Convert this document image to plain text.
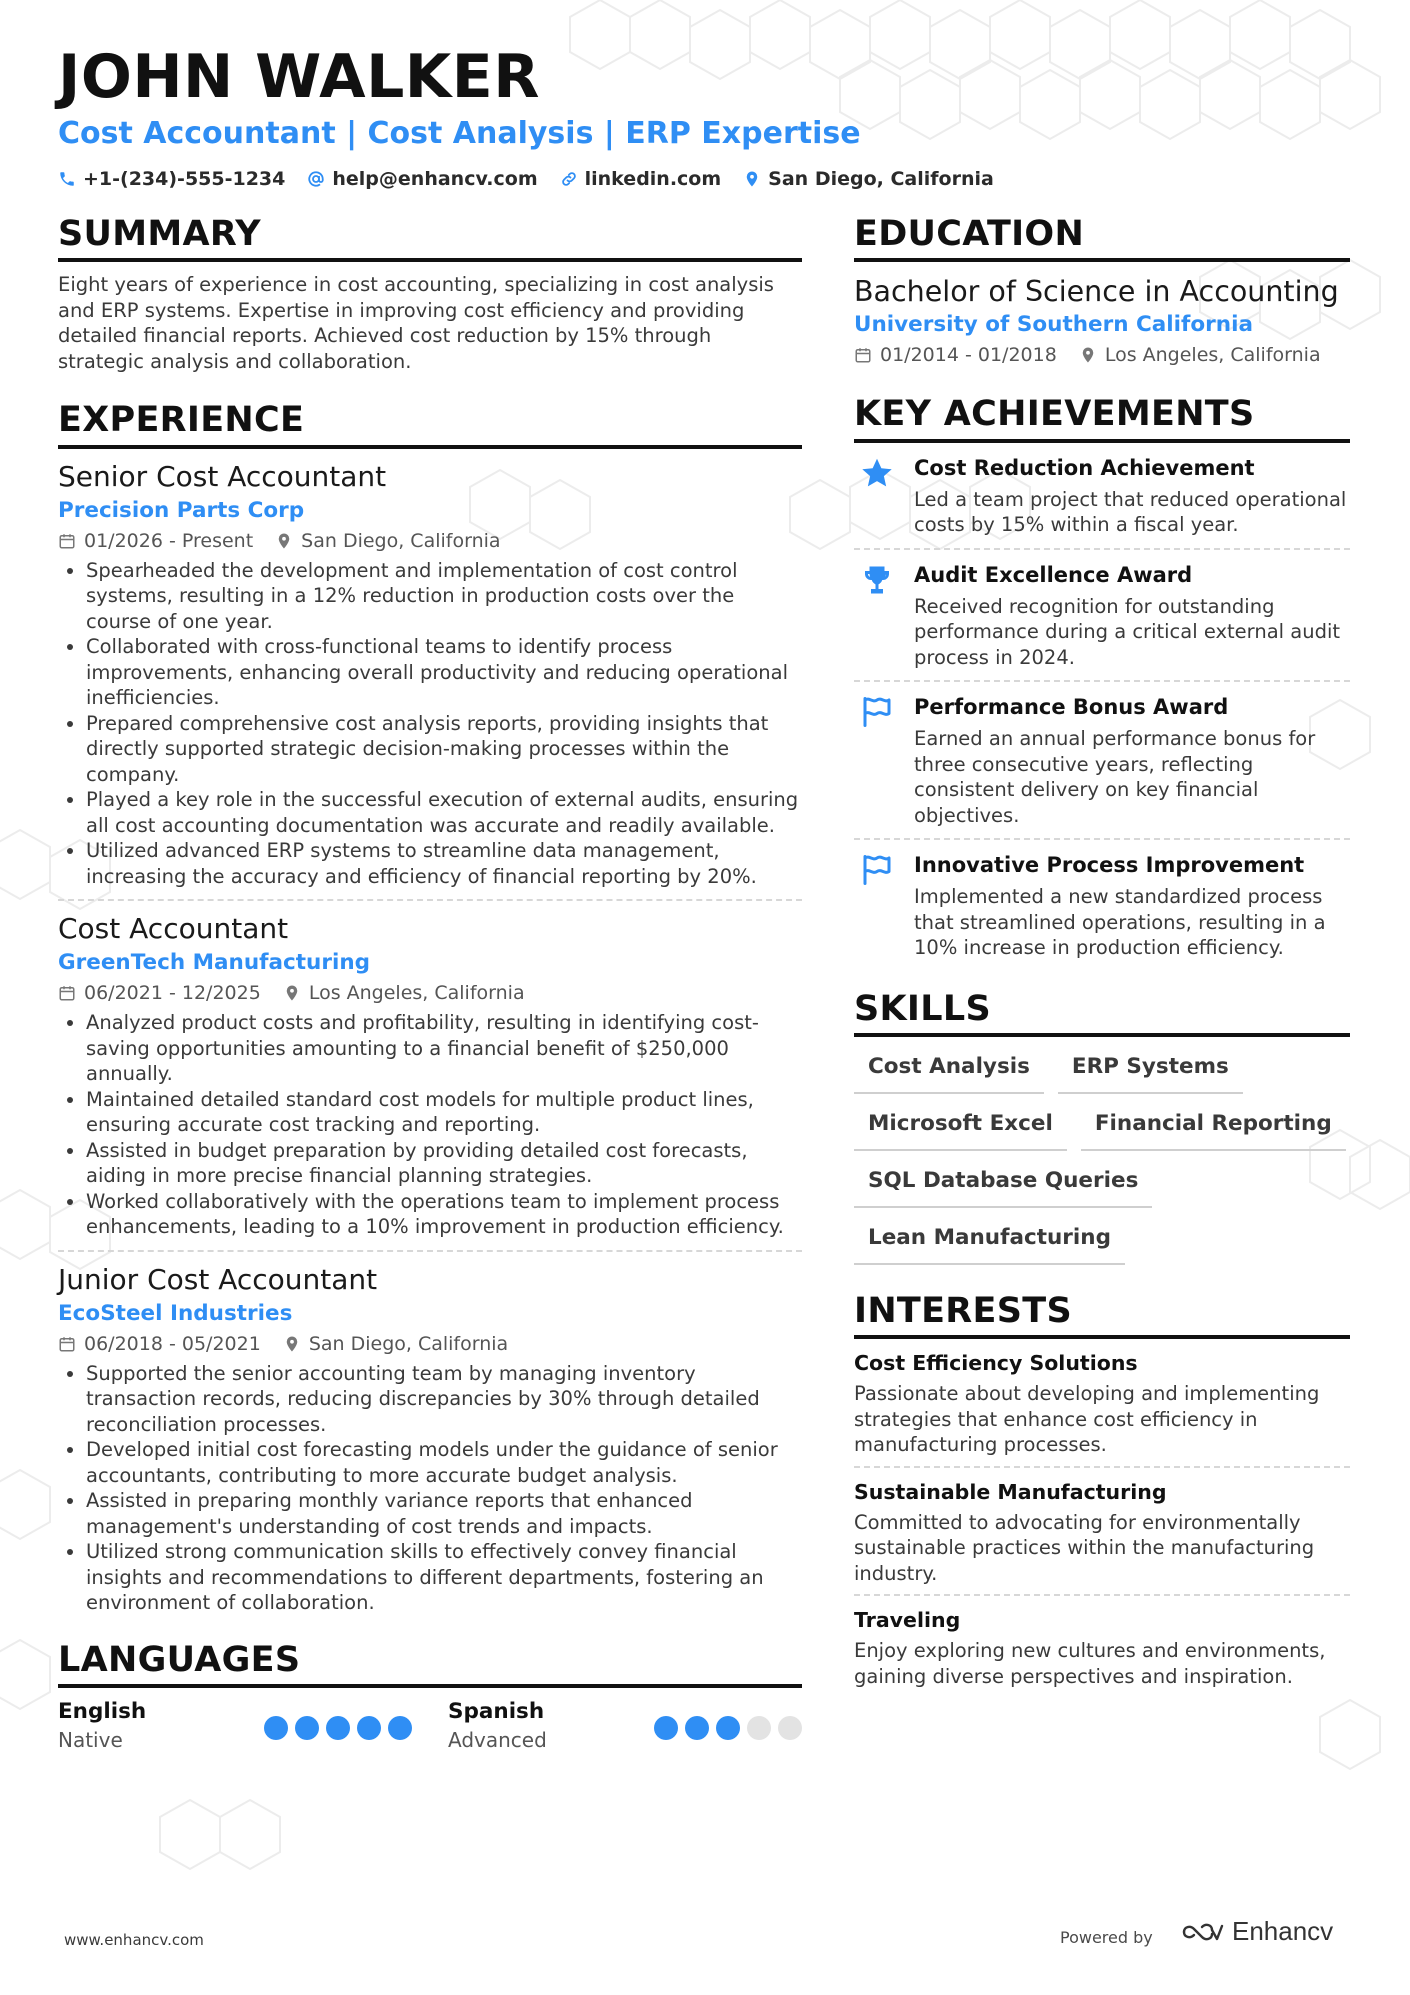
JOHN WALKER
Cost Accountant | Cost Analysis | ERP Expertise
+1-(234)-555-1234 help@enhancv.com linkedin.com San Diego, California
SUMMARY
Eight years of experience in cost accounting, specializing in cost analysis and ERP systems. Expertise in improving cost efficiency and providing detailed financial reports. Achieved cost reduction by 15% through strategic analysis and collaboration.
EXPERIENCE
Senior Cost Accountant
Precision Parts Corp
01/2026 - Present	San Diego, California
• Spearheaded the development and implementation of cost control systems, resulting in a 12% reduction in production costs over the course of one year.
• Collaborated with cross-functional teams to identify process improvements, enhancing overall productivity and reducing operational inefficiencies.
• Prepared comprehensive cost analysis reports, providing insights that directly supported strategic decision-making processes within the company.
• Played a key role in the successful execution of external audits, ensuring all cost accounting documentation was accurate and readily available.
• Utilized advanced ERP systems to streamline data management, increasing the accuracy and efficiency of financial reporting by 20%.
Cost Accountant
GreenTech Manufacturing
06/2021 - 12/2025	Los Angeles, California
• Analyzed product costs and profitability, resulting in identifying cost-saving opportunities amounting to a financial benefit of $250,000 annually.
• Maintained detailed standard cost models for multiple product lines, ensuring accurate cost tracking and reporting.
• Assisted in budget preparation by providing detailed cost forecasts, aiding in more precise financial planning strategies.
• Worked collaboratively with the operations team to implement process enhancements, leading to a 10% improvement in production efficiency.
Junior Cost Accountant
EcoSteel Industries
06/2018 - 05/2021	San Diego, California
• Supported the senior accounting team by managing inventory transaction records, reducing discrepancies by 30% through detailed reconciliation processes.
• Developed initial cost forecasting models under the guidance of senior accountants, contributing to more accurate budget analysis.
• Assisted in preparing monthly variance reports that enhanced management's understanding of cost trends and impacts.
• Utilized strong communication skills to effectively convey financial insights and recommendations to different departments, fostering an environment of collaboration.
LANGUAGES
English
Native
Spanish
Advanced
EDUCATION
Bachelor of Science in Accounting
University of Southern California
01/2014 - 01/2018	Los Angeles, California
KEY ACHIEVEMENTS
Cost Reduction Achievement
Led a team project that reduced operational costs by 15% within a fiscal year.
Audit Excellence Award
Received recognition for outstanding performance during a critical external audit process in 2024.
Performance Bonus Award
Earned an annual performance bonus for three consecutive years, reflecting consistent delivery on key financial objectives.
Innovative Process Improvement
Implemented a new standardized process that streamlined operations, resulting in a 10% increase in production efficiency.
SKILLS
Cost Analysis	ERP Systems
Microsoft Excel	Financial Reporting
SQL Database Queries
Lean Manufacturing
INTERESTS
Cost Efficiency Solutions
Passionate about developing and implementing strategies that enhance cost efficiency in manufacturing processes.
Sustainable Manufacturing
Committed to advocating for environmentally sustainable practices within the manufacturing industry.
Traveling
Enjoy exploring new cultures and environments, gaining diverse perspectives and inspiration.
www.enhancv.com	Powered by	Enhancv
